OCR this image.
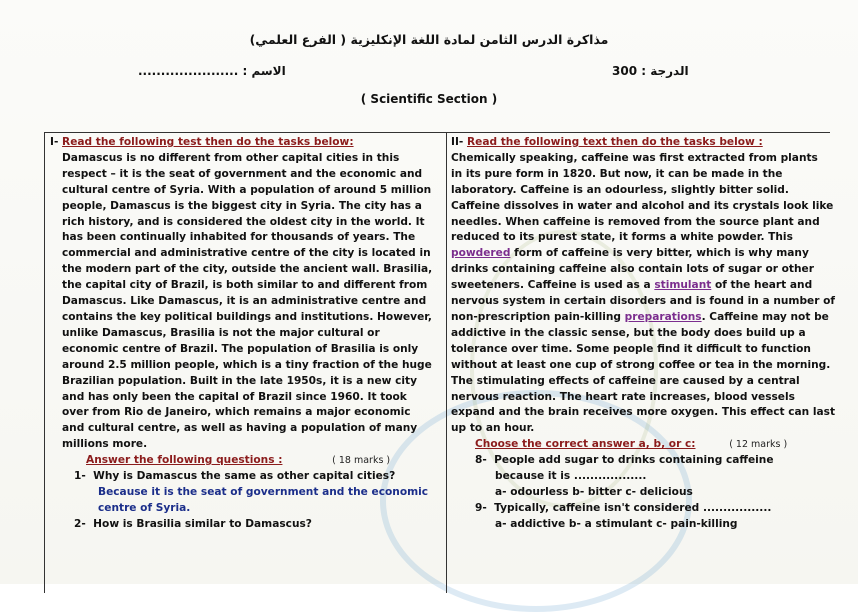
مذاكرة الدرس الثامن لمادة اللغة الإنكليزية ( الفرع العلمي)
الاسم : ......................	الدرجة : 300
( Scientific Section )
I- Read the following test then do the tasks below:
Damascus is no different from other capital cities in this
respect – it is the seat of government and the economic and
cultural centre of Syria. With a population of around 5 million
people, Damascus is the biggest city in Syria. The city has a
rich history, and is considered the oldest city in the world. It
has been continually inhabited for thousands of years. The
commercial and administrative centre of the city is located in
the modern part of the city, outside the ancient wall. Brasilia,
the capital city of Brazil, is both similar to and different from
Damascus. Like Damascus, it is an administrative centre and
contains the key political buildings and institutions. However,
unlike Damascus, Brasilia is not the major cultural or
economic centre of Brazil. The population of Brasilia is only
around 2.5 million people, which is a tiny fraction of the huge
Brazilian population. Built in the late 1950s, it is a new city
and has only been the capital of Brazil since 1960. It took
over from Rio de Janeiro, which remains a major economic
and cultural centre, as well as having a population of many
millions more.
Answer the following questions :	( 18 marks )
1- Why is Damascus the same as other capital cities?
Because it is the seat of government and the economic
centre of Syria.
2- How is Brasilia similar to Damascus?
II- Read the following text then do the tasks below :
Chemically speaking, caffeine was first extracted from plants
in its pure form in 1820. But now, it can be made in the
laboratory. Caffeine is an odourless, slightly bitter solid.
Caffeine dissolves in water and alcohol and its crystals look like
needles. When caffeine is removed from the source plant and
reduced to its purest state, it forms a white powder. This
powdered form of caffeine is very bitter, which is why many
drinks containing caffeine also contain lots of sugar or other
sweeteners. Caffeine is used as a stimulant of the heart and
nervous system in certain disorders and is found in a number of
non-prescription pain-killing preparations. Caffeine may not be
addictive in the classic sense, but the body does build up a
tolerance over time. Some people find it difficult to function
without at least one cup of strong coffee or tea in the morning.
The stimulating effects of caffeine are caused by a central
nervous reaction. The heart rate increases, blood vessels
expand and the brain receives more oxygen. This effect can last
up to an hour.
Choose the correct answer a, b, or c:	( 12 marks )
8- People add sugar to drinks containing caffeine
because it is ..................
a- odourless b- bitter c- delicious
9- Typically, caffeine isn't considered .................
a- addictive b- a stimulant c- pain-killing
